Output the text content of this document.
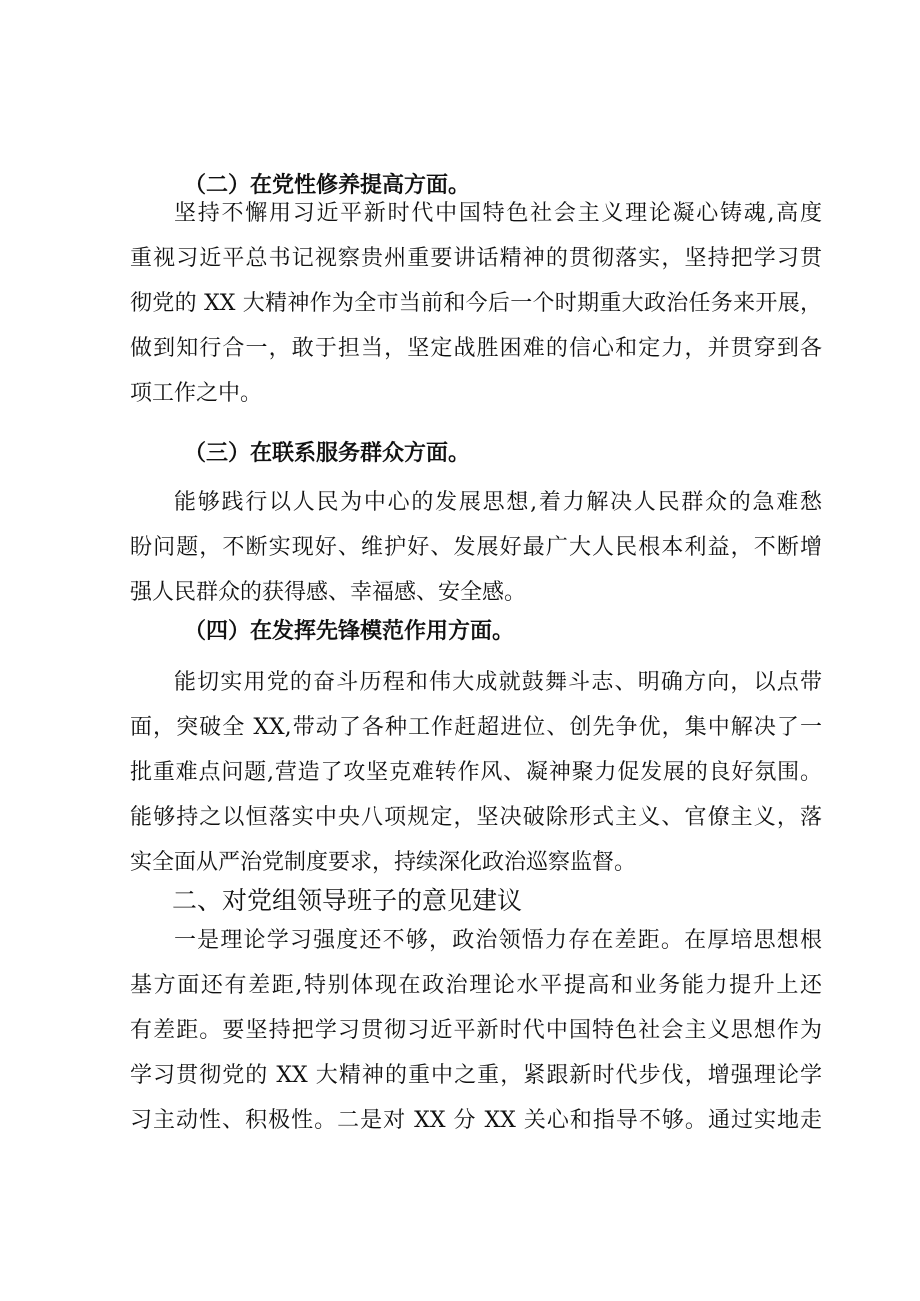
（二）在党性修养提高方面。
坚持不懈用习近平新时代中国特色社会主义理论凝心铸魂,高度
重视习近平总书记视察贵州重要讲话精神的贯彻落实，坚持把学习贯
彻党的 XX 大精神作为全市当前和今后一个时期重大政治任务来开展，
做到知行合一，敢于担当，坚定战胜困难的信心和定力，并贯穿到各
项工作之中。
（三）在联系服务群众方面。
能够践行以人民为中心的发展思想,着力解决人民群众的急难愁
盼问题，不断实现好、维护好、发展好最广大人民根本利益，不断增
强人民群众的获得感、幸福感、安全感。
（四）在发挥先锋模范作用方面。
能切实用党的奋斗历程和伟大成就鼓舞斗志、明确方向，以点带
面，突破全 XX,带动了各种工作赶超进位、创先争优，集中解决了一
批重难点问题,营造了攻坚克难转作风、凝神聚力促发展的良好氛围。
能够持之以恒落实中央八项规定，坚决破除形式主义、官僚主义，落
实全面从严治党制度要求，持续深化政治巡察监督。
二、对党组领导班子的意见建议
一是理论学习强度还不够，政治领悟力存在差距。在厚培思想根
基方面还有差距,特别体现在政治理论水平提高和业务能力提升上还
有差距。要坚持把学习贯彻习近平新时代中国特色社会主义思想作为
学习贯彻党的 XX 大精神的重中之重，紧跟新时代步伐，增强理论学
习主动性、积极性。二是对 XX 分 XX 关心和指导不够。通过实地走
